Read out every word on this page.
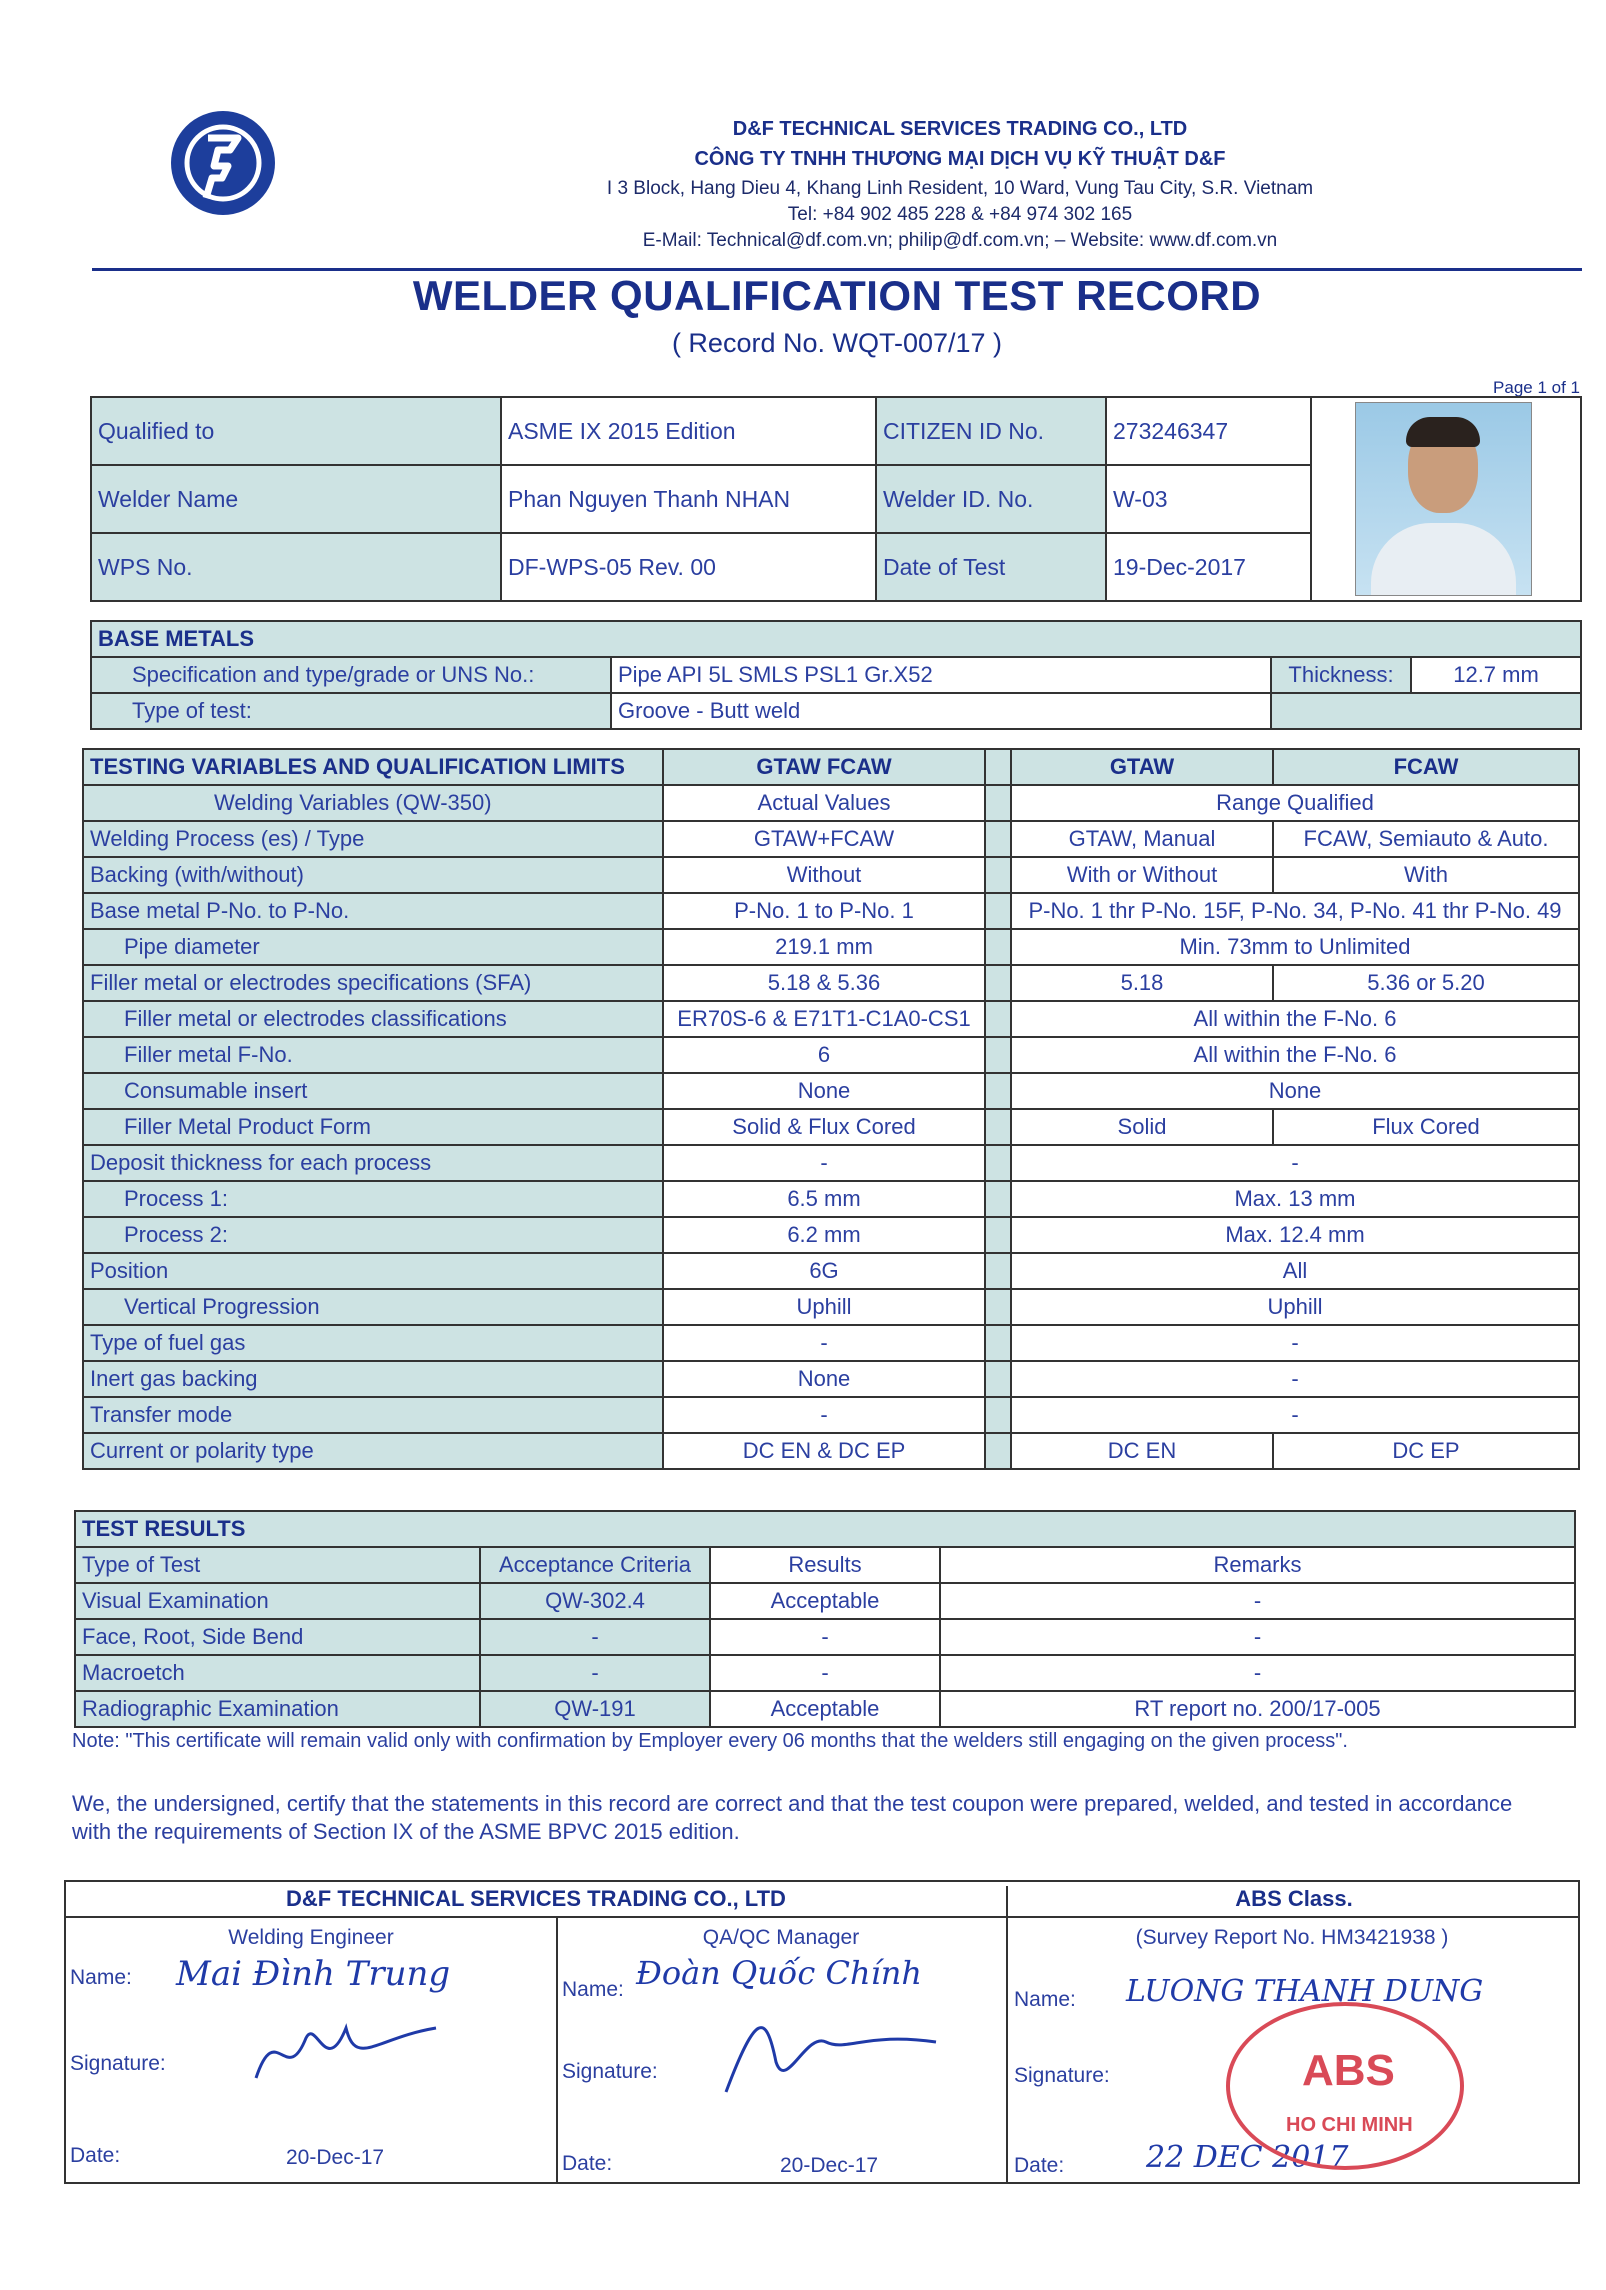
D&F TECHNICAL SERVICES TRADING CO., LTD
CÔNG TY TNHH THƯƠNG MẠI DỊCH VỤ KỸ THUẬT D&F
I 3 Block, Hang Dieu 4, Khang Linh Resident, 10 Ward, Vung Tau City, S.R. Vietnam
Tel: +84 902 485 228 & +84 974 302 165
E-Mail: Technical@df.com.vn; philip@df.com.vn; – Website: www.df.com.vn
WELDER QUALIFICATION TEST RECORD
( Record No. WQT-007/17 )
Page 1 of 1
Qualified to	ASME IX 2015 Edition	CITIZEN ID No.	273246347	
Welder Name	Phan Nguyen Thanh NHAN	Welder ID. No.	W-03	
WPS No.	DF-WPS-05 Rev. 00	Date of Test	19-Dec-2017	
BASE METALS			
Specification and type/grade or UNS No.:	Pipe API 5L SMLS PSL1 Gr.X52	Thickness:	12.7 mm
Type of test:	Groove - Butt weld		
TESTING VARIABLES AND QUALIFICATION LIMITS	GTAW FCAW		GTAW	FCAW
Welding Variables (QW-350)	Actual Values		Range Qualified	
Welding Process (es) / Type	GTAW+FCAW		GTAW, Manual	FCAW, Semiauto & Auto.
Backing (with/without)	Without		With or Without	With
Base metal P-No. to P-No.	P-No. 1 to P-No. 1		P-No. 1 thr P-No. 15F, P-No. 34, P-No. 41 thr P-No. 49	
Pipe diameter	219.1 mm		Min. 73mm to Unlimited	
Filler metal or electrodes specifications (SFA)	5.18 & 5.36		5.18	5.36 or 5.20
Filler metal or electrodes classifications	ER70S-6 & E71T1-C1A0-CS1		All within the F-No. 6	
Filler metal F-No.	6		All within the F-No. 6	
Consumable insert	None		None	
Filler Metal Product Form	Solid & Flux Cored		Solid	Flux Cored
Deposit thickness for each process	-		-	
Process 1:	6.5 mm		Max. 13 mm	
Process 2:	6.2 mm		Max. 12.4 mm	
Position	6G		All	
Vertical Progression	Uphill		Uphill	
Type of fuel gas	-		-	
Inert gas backing	None		-	
Transfer mode	-		-	
Current or polarity type	DC EN & DC EP		DC EN	DC EP
TEST RESULTS			
Type of Test	Acceptance Criteria	Results	Remarks
Visual Examination	QW-302.4	Acceptable	-
Face, Root, Side Bend	-	-	-
Macroetch	-	-	-
Radiographic Examination	QW-191	Acceptable	RT report no. 200/17-005
Note: "This certificate will remain valid only with confirmation by Employer every 06 months that the welders still engaging on the given process".
We, the undersigned, certify that the statements in this record are correct and that the test coupon were prepared, welded, and tested in accordance with the requirements of Section IX of the ASME BPVC 2015 edition.
D&F TECHNICAL SERVICES TRADING CO., LTD	ABS Class.
Welding Engineer
Name: Mai Đình Trung
Signature:
Date:	20-Dec-17
QA/QC Manager
Name: Đoàn Quốc Chính
Signature:
Date:	20-Dec-17
(Survey Report No. HM3421938 )
Name: LUONG THANH DUNG
Signature:
Date:	22 DEC 2017
ABS
HO CHI MINH
